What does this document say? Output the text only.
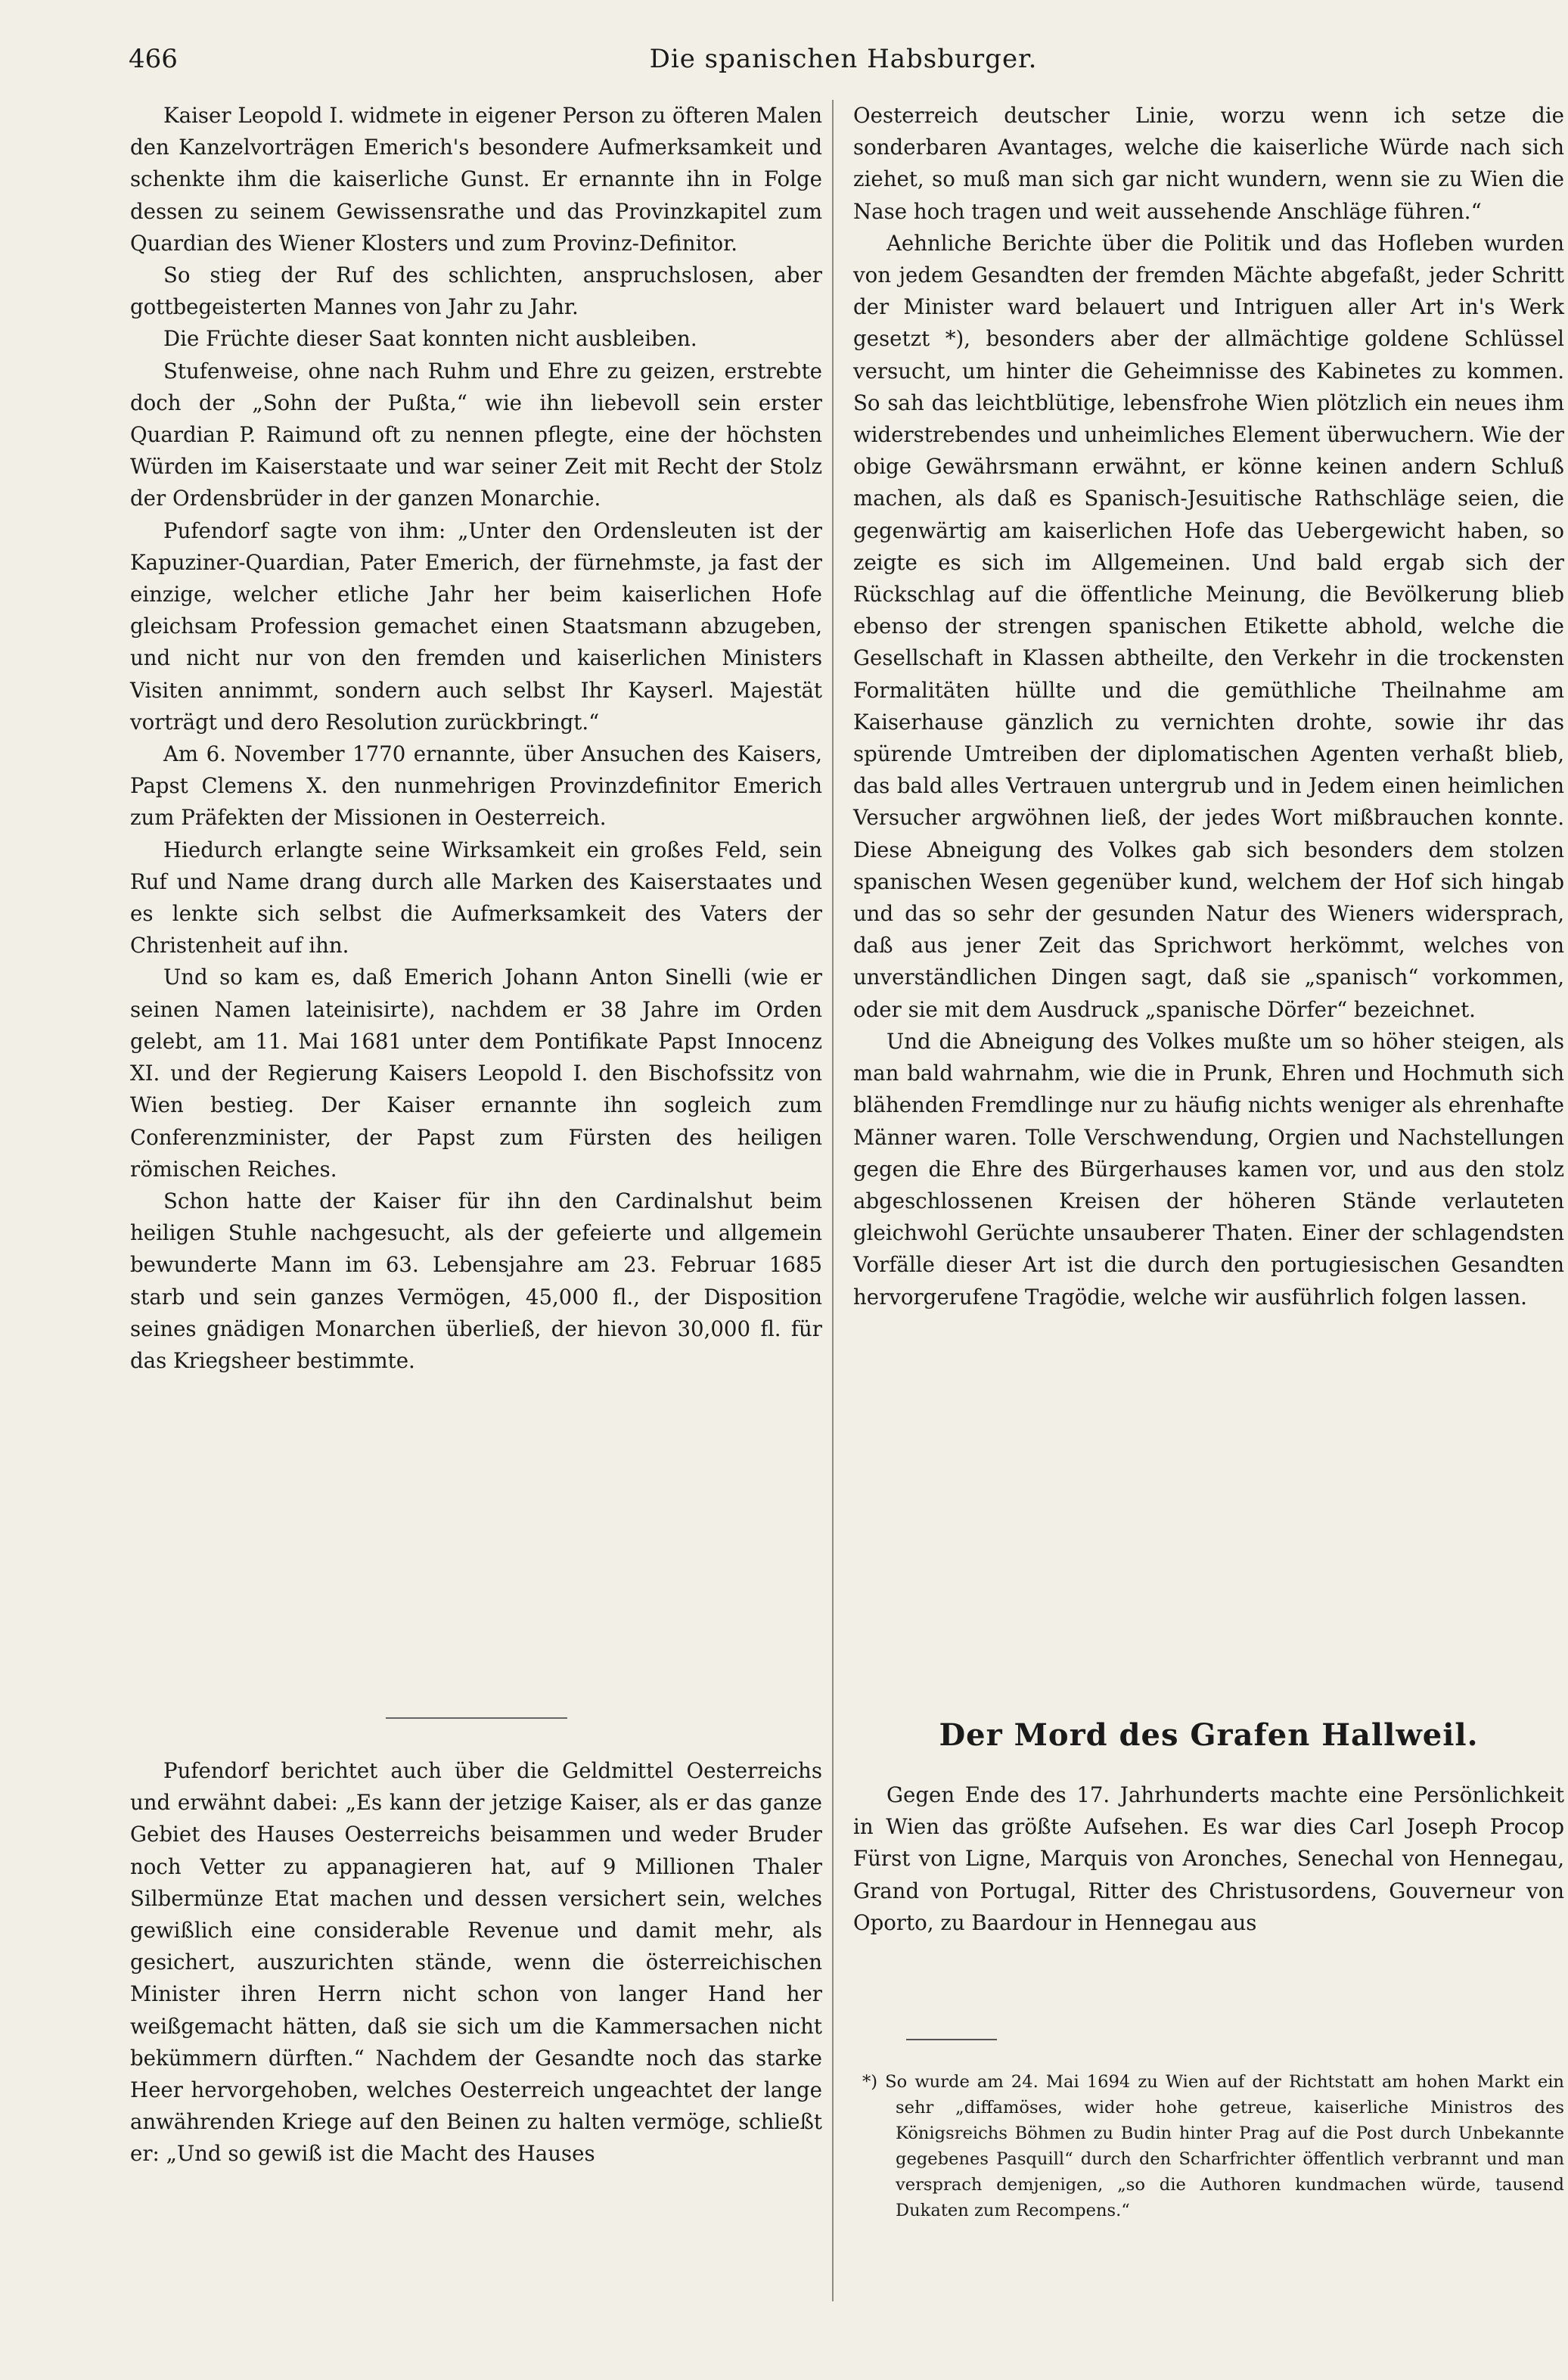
466	Die spanischen Habsburger.

Kaiser Leopold I. widmete in eigener Person zu öfteren Malen den Kanzelvorträgen Emerich's besondere Aufmerksamkeit und schenkte ihm die kaiserliche Gunst. Er ernannte ihn in Folge dessen zu seinem Gewissensrathe und das Provinzkapitel zum Quardian des Wiener Klosters und zum Provinz-Definitor.

So stieg der Ruf des schlichten, anspruchslosen, aber gottbegeisterten Mannes von Jahr zu Jahr.

Die Früchte dieser Saat konnten nicht ausbleiben.

Stufenweise, ohne nach Ruhm und Ehre zu geizen, erstrebte doch der „Sohn der Pußta,“ wie ihn liebevoll sein erster Quardian P. Raimund oft zu nennen pflegte, eine der höchsten Würden im Kaiserstaate und war seiner Zeit mit Recht der Stolz der Ordensbrüder in der ganzen Monarchie.

Pufendorf sagte von ihm: „Unter den Ordensleuten ist der Kapuziner-Quardian, Pater Emerich, der fürnehmste, ja fast der einzige, welcher etliche Jahr her beim kaiserlichen Hofe gleichsam Profession gemachet einen Staatsmann abzugeben, und nicht nur von den fremden und kaiserlichen Ministers Visiten annimmt, sondern auch selbst Ihr Kayserl. Majestät vorträgt und dero Resolution zurückbringt.“

Am 6. November 1770 ernannte, über Ansuchen des Kaisers, Papst Clemens X. den nunmehrigen Provinzdefinitor Emerich zum Präfekten der Missionen in Oesterreich.

Hiedurch erlangte seine Wirksamkeit ein großes Feld, sein Ruf und Name drang durch alle Marken des Kaiserstaates und es lenkte sich selbst die Aufmerksamkeit des Vaters der Christenheit auf ihn.

Und so kam es, daß Emerich Johann Anton Sinelli (wie er seinen Namen lateinisirte), nachdem er 38 Jahre im Orden gelebt, am 11. Mai 1681 unter dem Pontifikate Papst Innocenz XI. und der Regierung Kaisers Leopold I. den Bischofssitz von Wien bestieg. Der Kaiser ernannte ihn sogleich zum Conferenzminister, der Papst zum Fürsten des heiligen römischen Reiches.

Schon hatte der Kaiser für ihn den Cardinalshut beim heiligen Stuhle nachgesucht, als der gefeierte und allgemein bewunderte Mann im 63. Lebensjahre am 23. Februar 1685 starb und sein ganzes Vermögen, 45,000 fl., der Disposition seines gnädigen Monarchen überließ, der hievon 30,000 fl. für das Kriegsheer bestimmte.

Pufendorf berichtet auch über die Geldmittel Oesterreichs und erwähnt dabei: „Es kann der jetzige Kaiser, als er das ganze Gebiet des Hauses Oesterreichs beisammen und weder Bruder noch Vetter zu appanagieren hat, auf 9 Millionen Thaler Silbermünze Etat machen und dessen versichert sein, welches gewißlich eine considerable Revenue und damit mehr, als gesichert, auszurichten stände, wenn die österreichischen Minister ihren Herrn nicht schon von langer Hand her weißgemacht hätten, daß sie sich um die Kammersachen nicht bekümmern dürften.“ Nachdem der Gesandte noch das starke Heer hervorgehoben, welches Oesterreich ungeachtet der lange anwährenden Kriege auf den Beinen zu halten vermöge, schließt er: „Und so gewiß ist die Macht des Hauses

Oesterreich deutscher Linie, worzu wenn ich setze die sonderbaren Avantages, welche die kaiserliche Würde nach sich ziehet, so muß man sich gar nicht wundern, wenn sie zu Wien die Nase hoch tragen und weit aussehende Anschläge führen.“

Aehnliche Berichte über die Politik und das Hofleben wurden von jedem Gesandten der fremden Mächte abgefaßt, jeder Schritt der Minister ward belauert und Intriguen aller Art in's Werk gesetzt *), besonders aber der allmächtige goldene Schlüssel versucht, um hinter die Geheimnisse des Kabinetes zu kommen. So sah das leichtblütige, lebensfrohe Wien plötzlich ein neues ihm widerstrebendes und unheimliches Element überwuchern. Wie der obige Gewährsmann erwähnt, er könne keinen andern Schluß machen, als daß es Spanisch-Jesuitische Rathschläge seien, die gegenwärtig am kaiserlichen Hofe das Uebergewicht haben, so zeigte es sich im Allgemeinen. Und bald ergab sich der Rückschlag auf die öffentliche Meinung, die Bevölkerung blieb ebenso der strengen spanischen Etikette abhold, welche die Gesellschaft in Klassen abtheilte, den Verkehr in die trockensten Formalitäten hüllte und die gemüthliche Theilnahme am Kaiserhause gänzlich zu vernichten drohte, sowie ihr das spürende Umtreiben der diplomatischen Agenten verhaßt blieb, das bald alles Vertrauen untergrub und in Jedem einen heimlichen Versucher argwöhnen ließ, der jedes Wort mißbrauchen konnte. Diese Abneigung des Volkes gab sich besonders dem stolzen spanischen Wesen gegenüber kund, welchem der Hof sich hingab und das so sehr der gesunden Natur des Wieners widersprach, daß aus jener Zeit das Sprichwort herkömmt, welches von unverständlichen Dingen sagt, daß sie „spanisch“ vorkommen, oder sie mit dem Ausdruck „spanische Dörfer“ bezeichnet.

Und die Abneigung des Volkes mußte um so höher steigen, als man bald wahrnahm, wie die in Prunk, Ehren und Hochmuth sich blähenden Fremdlinge nur zu häufig nichts weniger als ehrenhafte Männer waren. Tolle Verschwendung, Orgien und Nachstellungen gegen die Ehre des Bürgerhauses kamen vor, und aus den stolz abgeschlossenen Kreisen der höheren Stände verlauteten gleichwohl Gerüchte unsauberer Thaten. Einer der schlagendsten Vorfälle dieser Art ist die durch den portugiesischen Gesandten hervorgerufene Tragödie, welche wir ausführlich folgen lassen.

Der Mord des Grafen Hallweil.

Gegen Ende des 17. Jahrhunderts machte eine Persönlichkeit in Wien das größte Aufsehen. Es war dies Carl Joseph Procop Fürst von Ligne, Marquis von Aronches, Senechal von Hennegau, Grand von Portugal, Ritter des Christusordens, Gouverneur von Oporto, zu Baardour in Hennegau aus

*) So wurde am 24. Mai 1694 zu Wien auf der Richtstatt am hohen Markt ein sehr „diffamöses, wider hohe getreue, kaiserliche Ministros des Königsreichs Böhmen zu Budin hinter Prag auf die Post durch Unbekannte gegebenes Pasquill“ durch den Scharfrichter öffentlich verbrannt und man versprach demjenigen, „so die Authoren kundmachen würde, tausend Dukaten zum Recompens.“
